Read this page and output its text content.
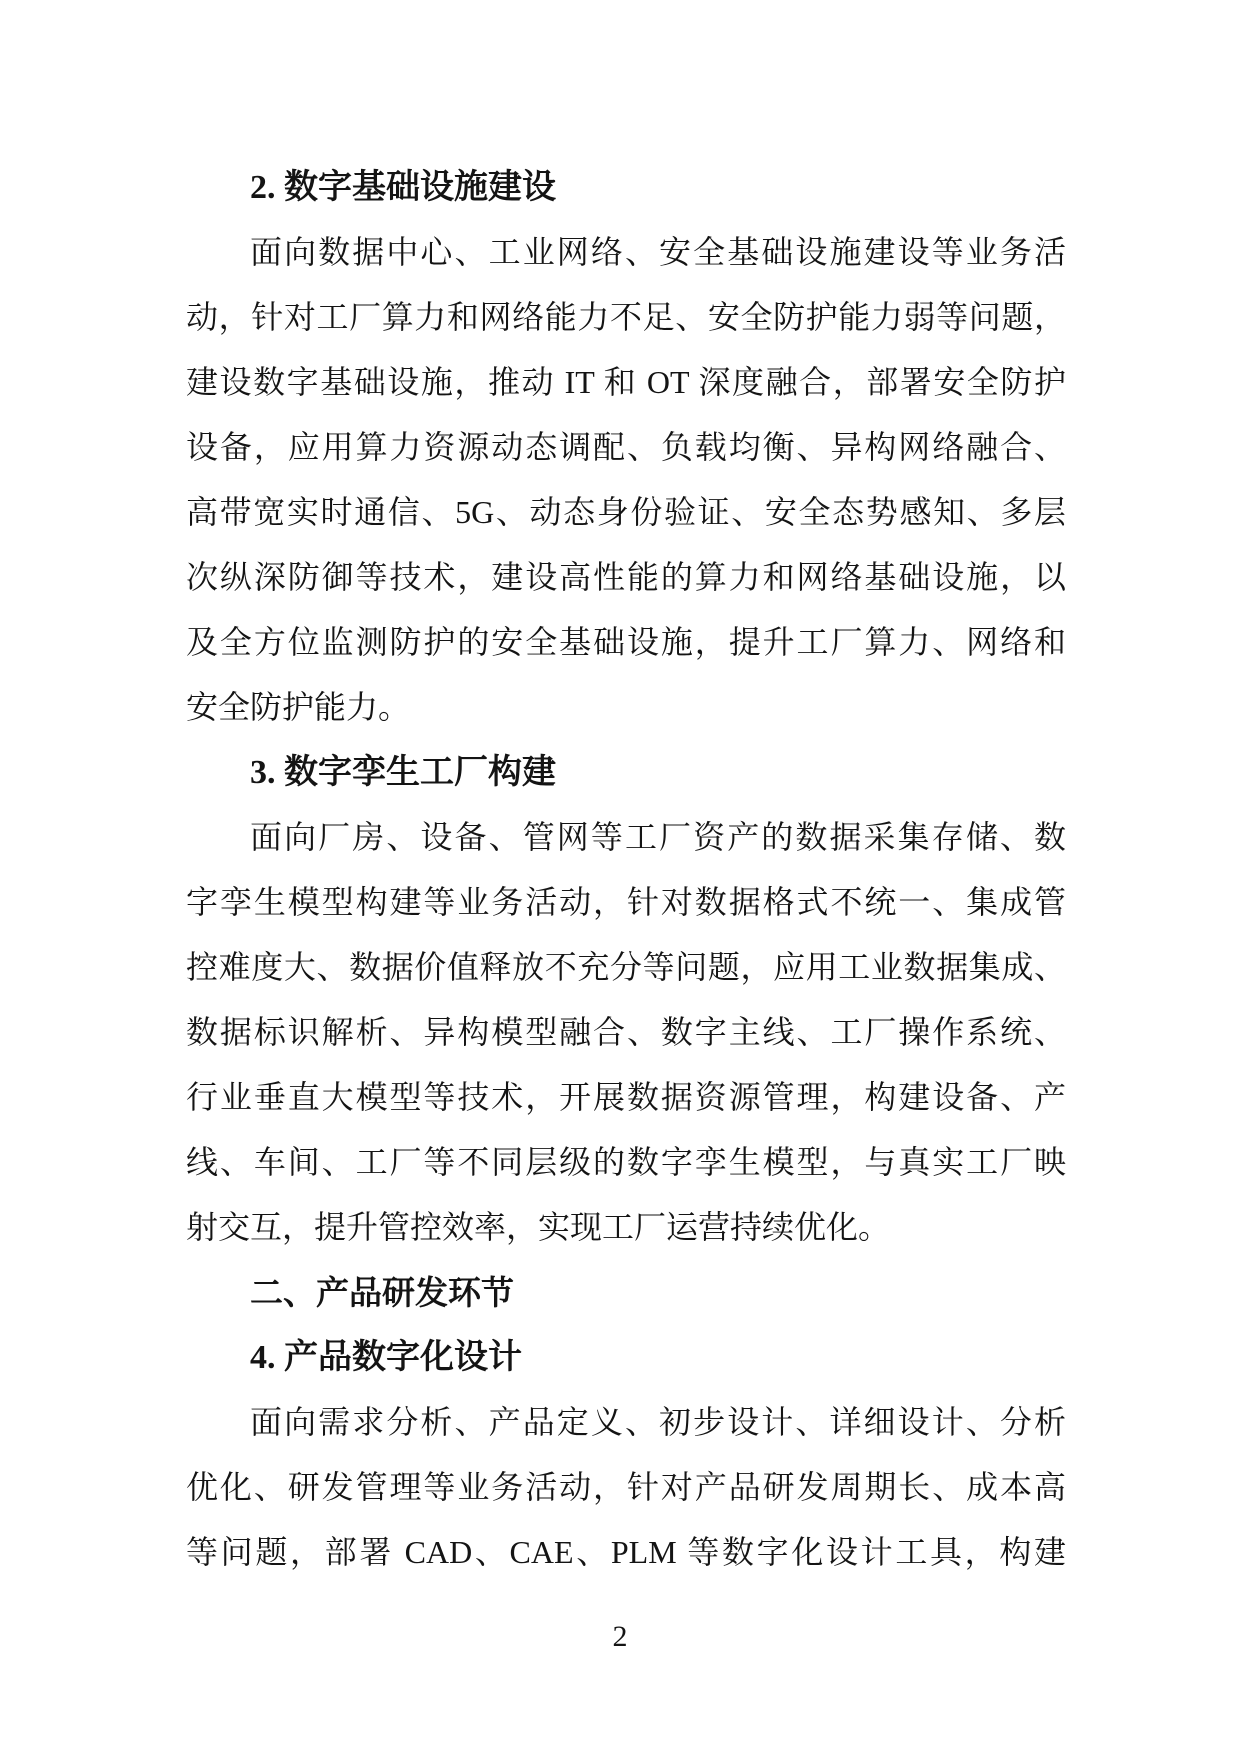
2. 数字基础设施建设
面向数据中心、工业网络、安全基础设施建设等业务活
动，针对工厂算力和网络能力不足、安全防护能力弱等问题，
建设数字基础设施，推动 IT 和 OT 深度融合，部署安全防护
设备，应用算力资源动态调配、负载均衡、异构网络融合、
高带宽实时通信、5G、动态身份验证、安全态势感知、多层
次纵深防御等技术，建设高性能的算力和网络基础设施，以
及全方位监测防护的安全基础设施，提升工厂算力、网络和
安全防护能力。
3. 数字孪生工厂构建
面向厂房、设备、管网等工厂资产的数据采集存储、数
字孪生模型构建等业务活动，针对数据格式不统一、集成管
控难度大、数据价值释放不充分等问题，应用工业数据集成、
数据标识解析、异构模型融合、数字主线、工厂操作系统、
行业垂直大模型等技术，开展数据资源管理，构建设备、产
线、车间、工厂等不同层级的数字孪生模型，与真实工厂映
射交互，提升管控效率，实现工厂运营持续优化。
二、产品研发环节
4. 产品数字化设计
面向需求分析、产品定义、初步设计、详细设计、分析
优化、研发管理等业务活动，针对产品研发周期长、成本高
等问题，部署 CAD、CAE、PLM 等数字化设计工具，构建
2
